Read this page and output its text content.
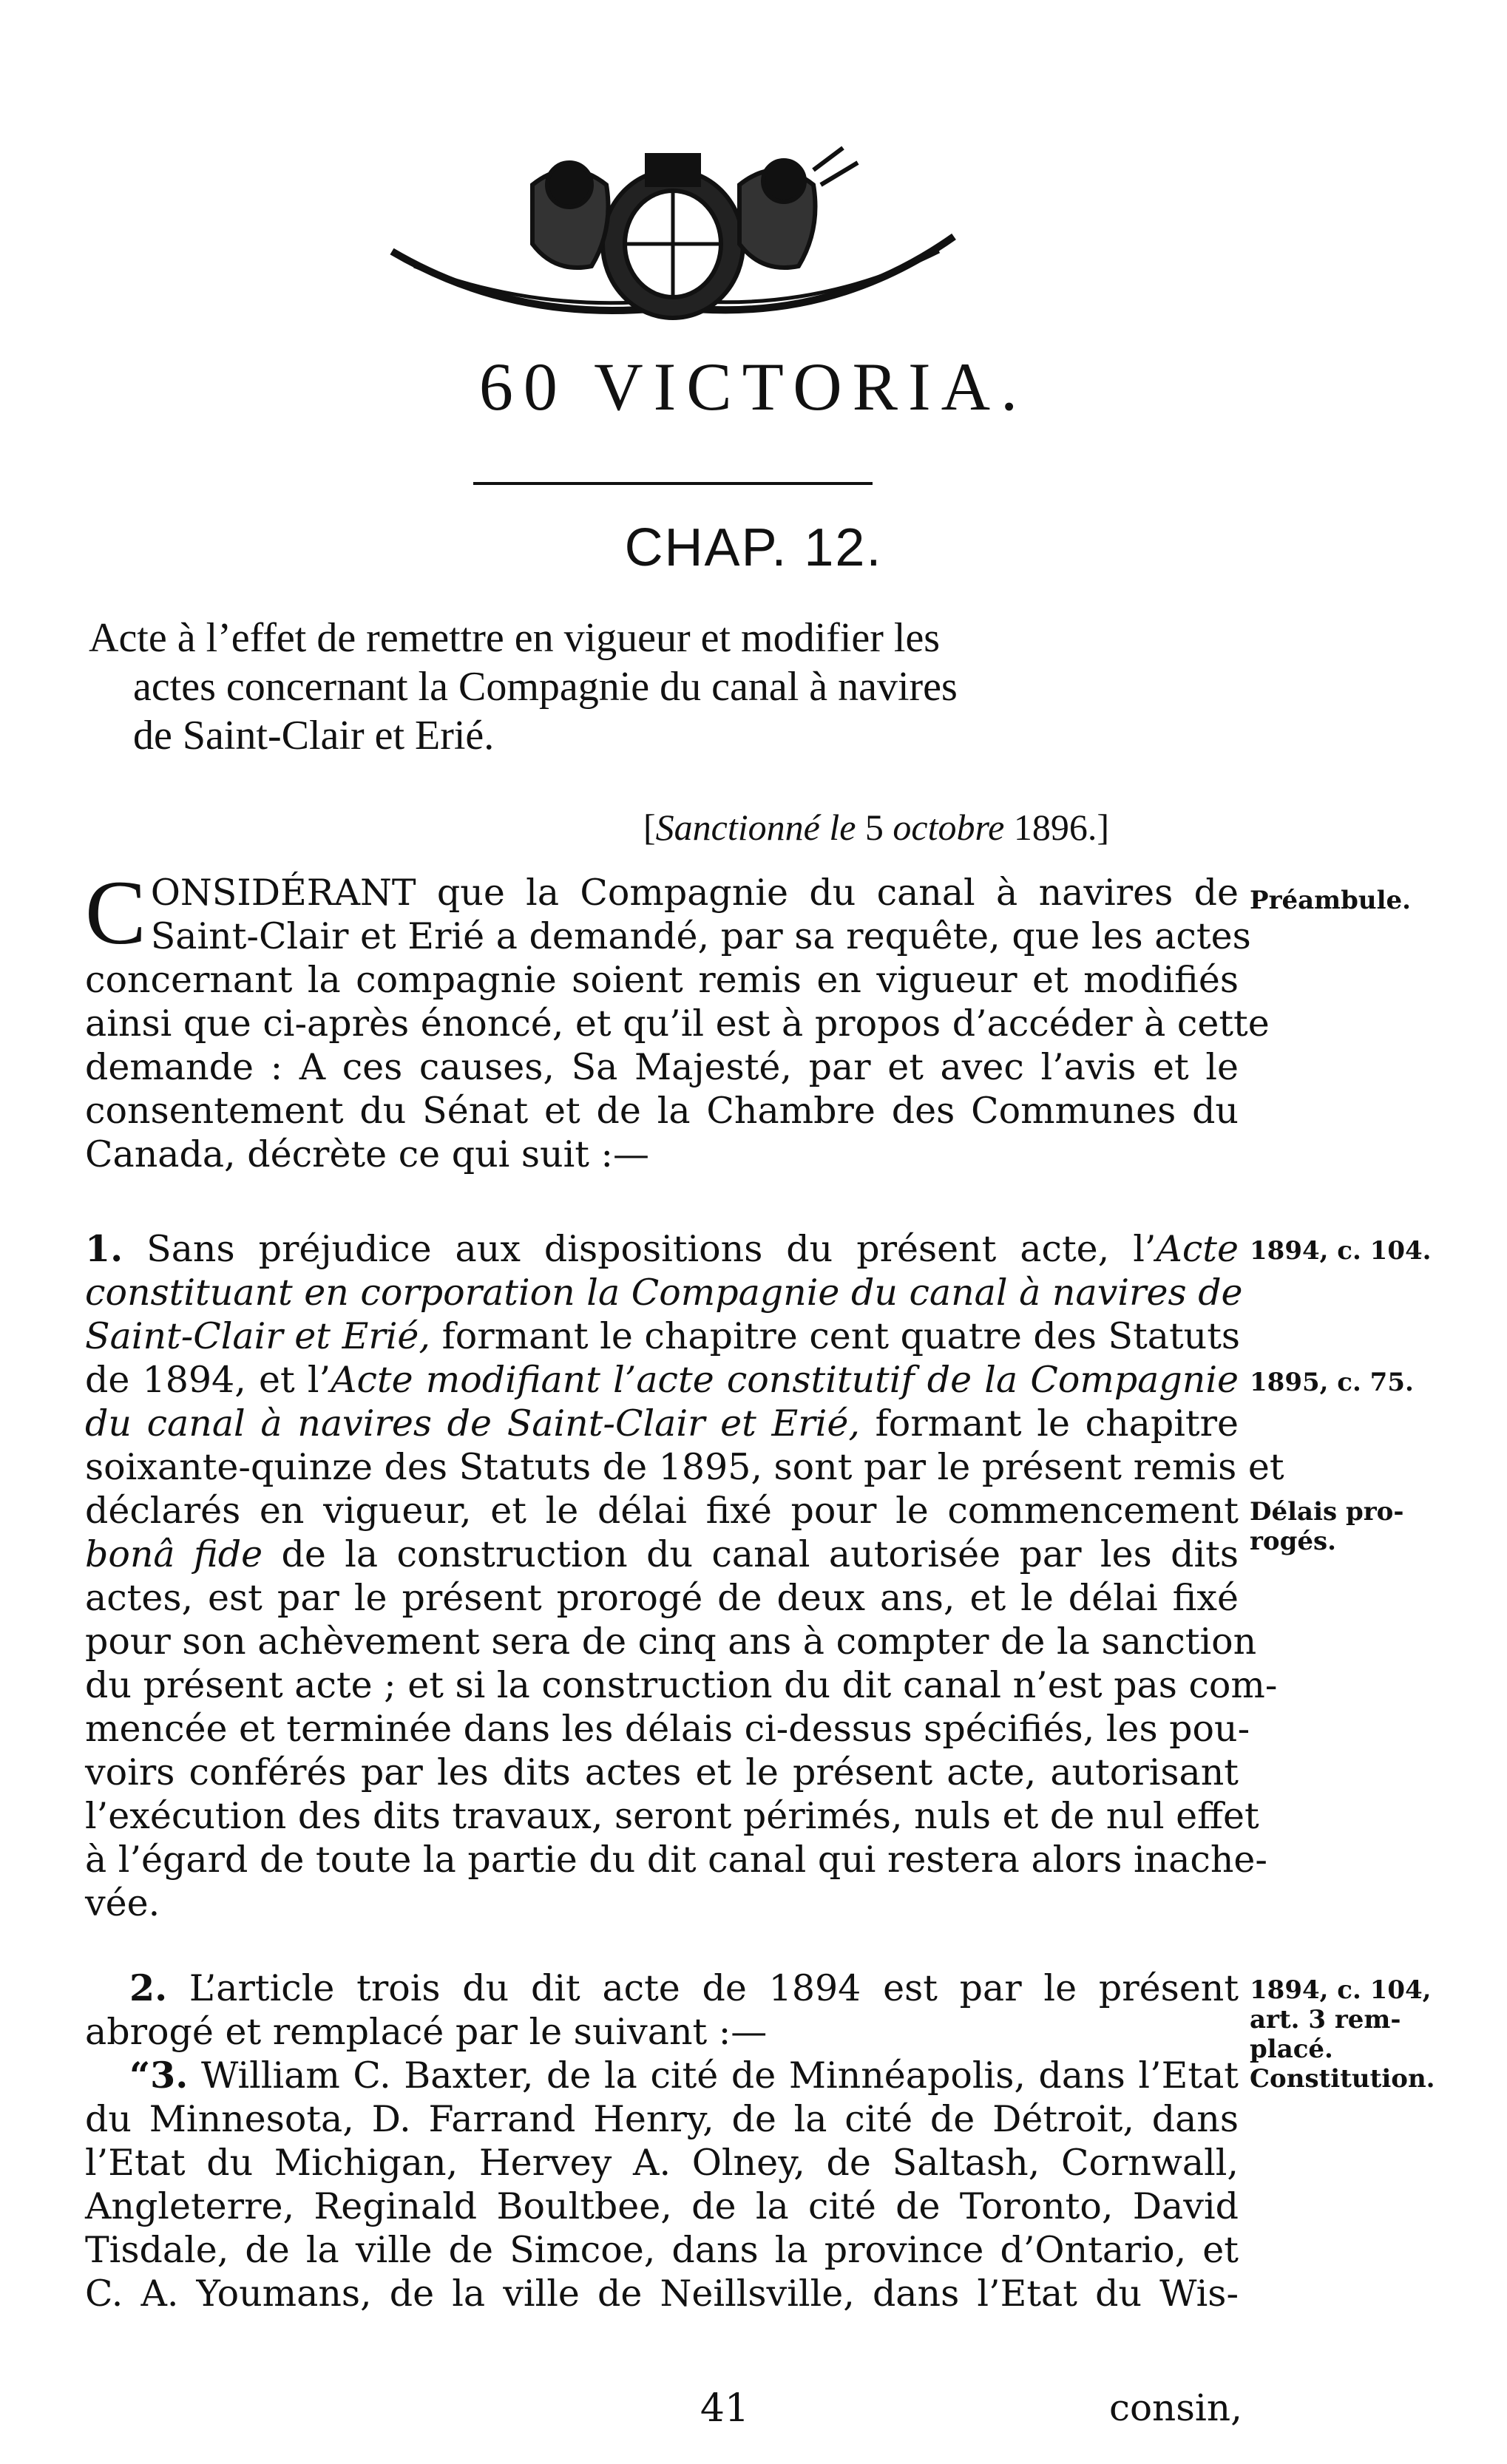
60 VICTORIA.
CHAP. 12.
Acte à l’effet de remettre en vigueur et modifier les
actes concernant la Compagnie du canal à navires
de Saint-Clair et Erié.
[Sanctionné le 5 octobre 1896.]
C ONSIDÉRANT que la Compagnie du canal à navires de
Saint-Clair et Erié a demandé, par sa requête, que les actes
concernant la compagnie soient remis en vigueur et modifiés
ainsi que ci-après énoncé, et qu’il est à propos d’accéder à cette
demande : A ces causes, Sa Majesté, par et avec l’avis et le
consentement du Sénat et de la Chambre des Communes du
Canada, décrète ce qui suit :—
1. Sans préjudice aux dispositions du présent acte, l’Acte
constituant en corporation la Compagnie du canal à navires de
Saint-Clair et Erié, formant le chapitre cent quatre des Statuts
de 1894, et l’Acte modifiant l’acte constitutif de la Compagnie
du canal à navires de Saint-Clair et Erié, formant le chapitre
soixante-quinze des Statuts de 1895, sont par le présent remis et
déclarés en vigueur, et le délai fixé pour le commencement
bonâ fide de la construction du canal autorisée par les dits
actes, est par le présent prorogé de deux ans, et le délai fixé
pour son achèvement sera de cinq ans à compter de la sanction
du présent acte ; et si la construction du dit canal n’est pas com-
mencée et terminée dans les délais ci-dessus spécifiés, les pou-
voirs conférés par les dits actes et le présent acte, autorisant
l’exécution des dits travaux, seront périmés, nuls et de nul effet
à l’égard de toute la partie du dit canal qui restera alors inache-
vée.
2. L’article trois du dit acte de 1894 est par le présent
abrogé et remplacé par le suivant :—
“3. William C. Baxter, de la cité de Minnéapolis, dans l’Etat
du Minnesota, D. Farrand Henry, de la cité de Détroit, dans
l’Etat du Michigan, Hervey A. Olney, de Saltash, Cornwall,
Angleterre, Reginald Boultbee, de la cité de Toronto, David
Tisdale, de la ville de Simcoe, dans la province d’Ontario, et
C. A. Youmans, de la ville de Neillsville, dans l’Etat du Wis-
Préambule.
1894, c. 104.
1895, c. 75.
Délais pro-
rogés.
1894, c. 104,
art. 3 rem-
placé.
Constitution.
41	consin,
